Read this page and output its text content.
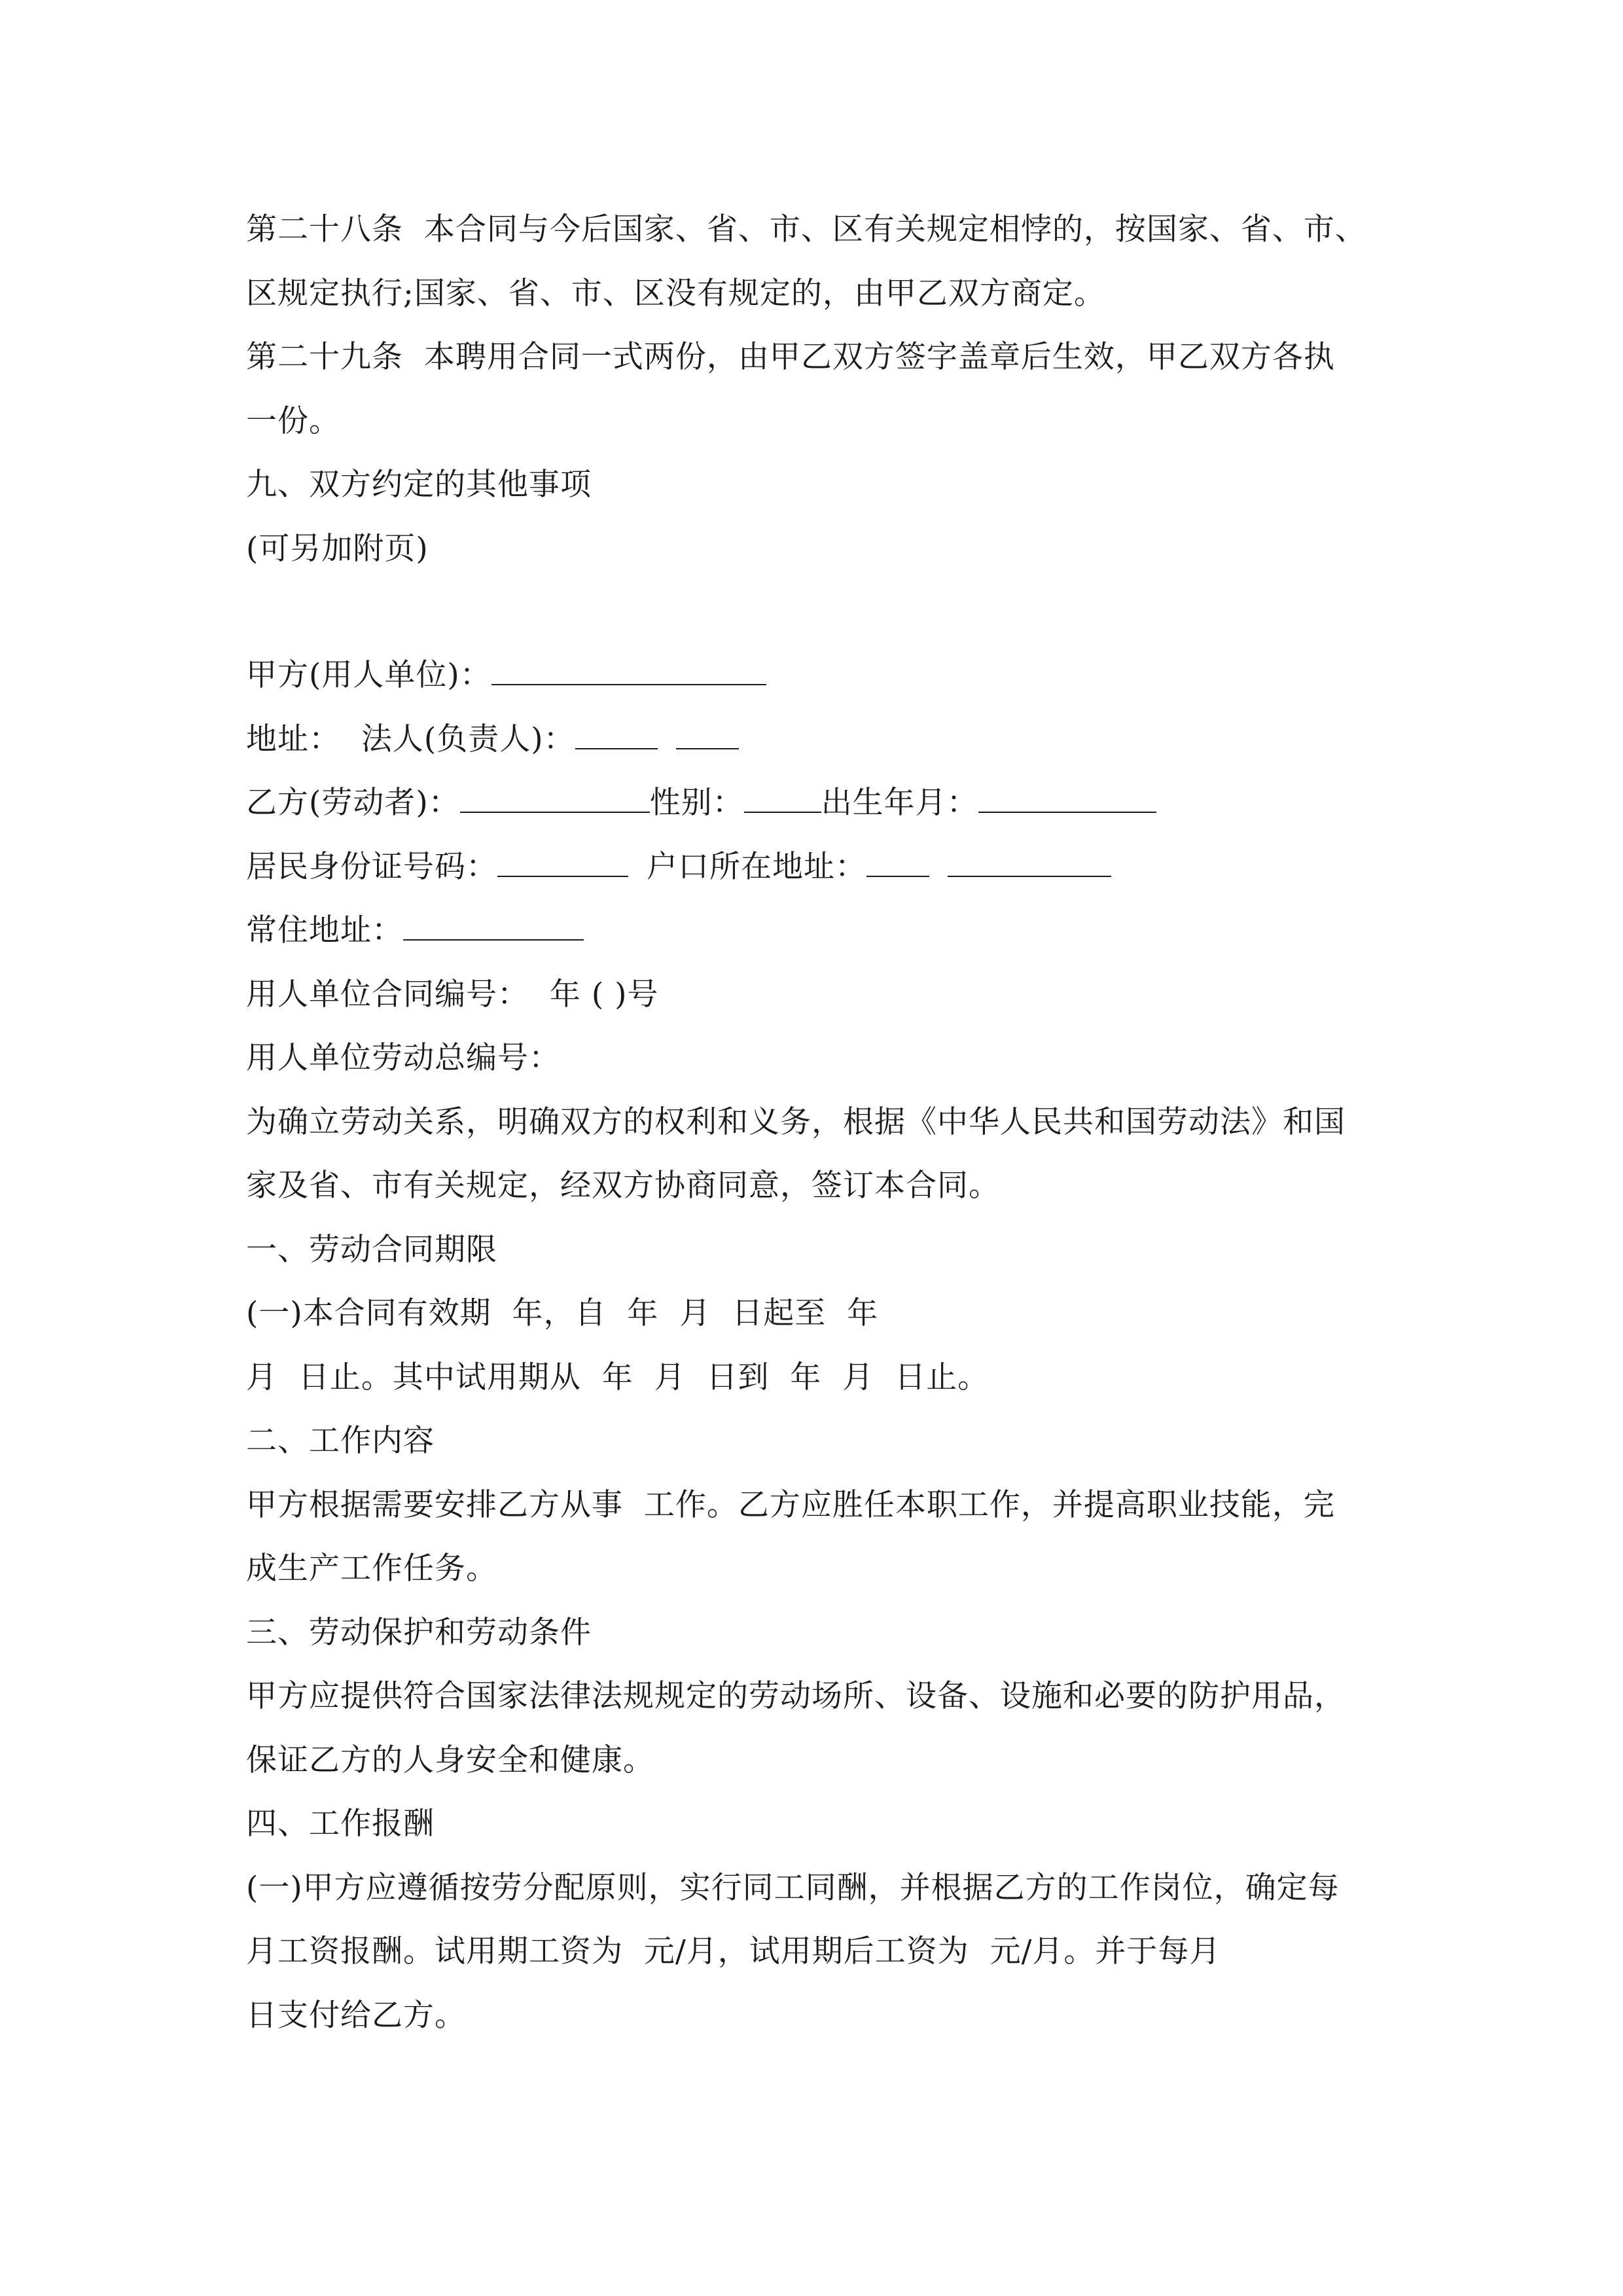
第二十八条  本合同与今后国家、省、市、区有关规定相悖的，按国家、省、市、
区规定执行;国家、省、市、区没有规定的，由甲乙双方商定。
第二十九条  本聘用合同一式两份，由甲乙双方签字盖章后生效，甲乙双方各执
一份。
九、双方约定的其他事项
(可另加附页)
甲方(用人单位)：
地址：  法人(负责人)：
乙方(劳动者)：	性别：	出生年月：
居民身份证号码：	户口所在地址：
常住地址：
用人单位合同编号：  年 ( )号
用人单位劳动总编号：
为确立劳动关系，明确双方的权利和义务，根据《中华人民共和国劳动法》和国
家及省、市有关规定，经双方协商同意，签订本合同。
一、劳动合同期限
(一)本合同有效期  年，自  年  月  日起至  年
月  日止。其中试用期从  年  月  日到  年  月  日止。
二、工作内容
甲方根据需要安排乙方从事  工作。乙方应胜任本职工作，并提高职业技能，完
成生产工作任务。
三、劳动保护和劳动条件
甲方应提供符合国家法律法规规定的劳动场所、设备、设施和必要的防护用品，
保证乙方的人身安全和健康。
四、工作报酬
(一)甲方应遵循按劳分配原则，实行同工同酬，并根据乙方的工作岗位，确定每
月工资报酬。试用期工资为  元/月，试用期后工资为  元/月。并于每月
日支付给乙方。
